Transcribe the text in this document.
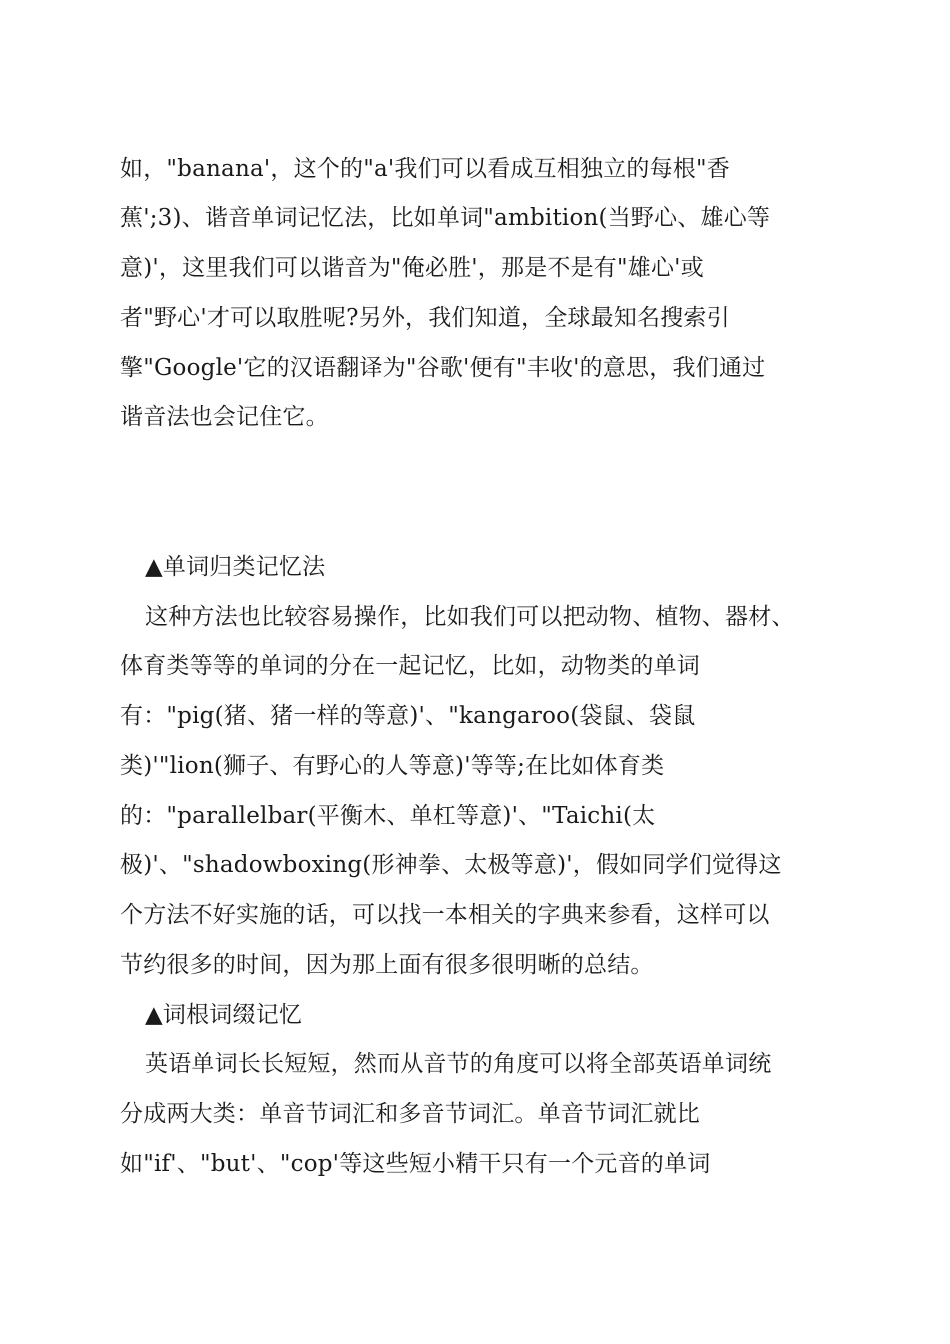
如，"banana'，这个的"a'我们可以看成互相独立的每根"香
蕉';3)、谐音单词记忆法，比如单词"ambition(当野心、雄心等
意)'，这里我们可以谐音为"俺必胜'，那是不是有"雄心'或
者"野心'才可以取胜呢?另外，我们知道，全球最知名搜索引
擎"Google'它的汉语翻译为"谷歌'便有"丰收'的意思，我们通过
谐音法也会记住它。
▲单词归类记忆法
这种方法也比较容易操作，比如我们可以把动物、植物、器材、
体育类等等的单词的分在一起记忆，比如，动物类的单词
有："pig(猪、猪一样的等意)'、"kangaroo(袋鼠、袋鼠
类)'"lion(狮子、有野心的人等意)'等等;在比如体育类
的："parallelbar(平衡木、单杠等意)'、"Taichi(太
极)'、"shadowboxing(形神拳、太极等意)'，假如同学们觉得这
个方法不好实施的话，可以找一本相关的字典来参看，这样可以
节约很多的时间，因为那上面有很多很明晰的总结。
▲词根词缀记忆
英语单词长长短短，然而从音节的角度可以将全部英语单词统
分成两大类：单音节词汇和多音节词汇。单音节词汇就比
如"if'、"but'、"cop'等这些短小精干只有一个元音的单词
